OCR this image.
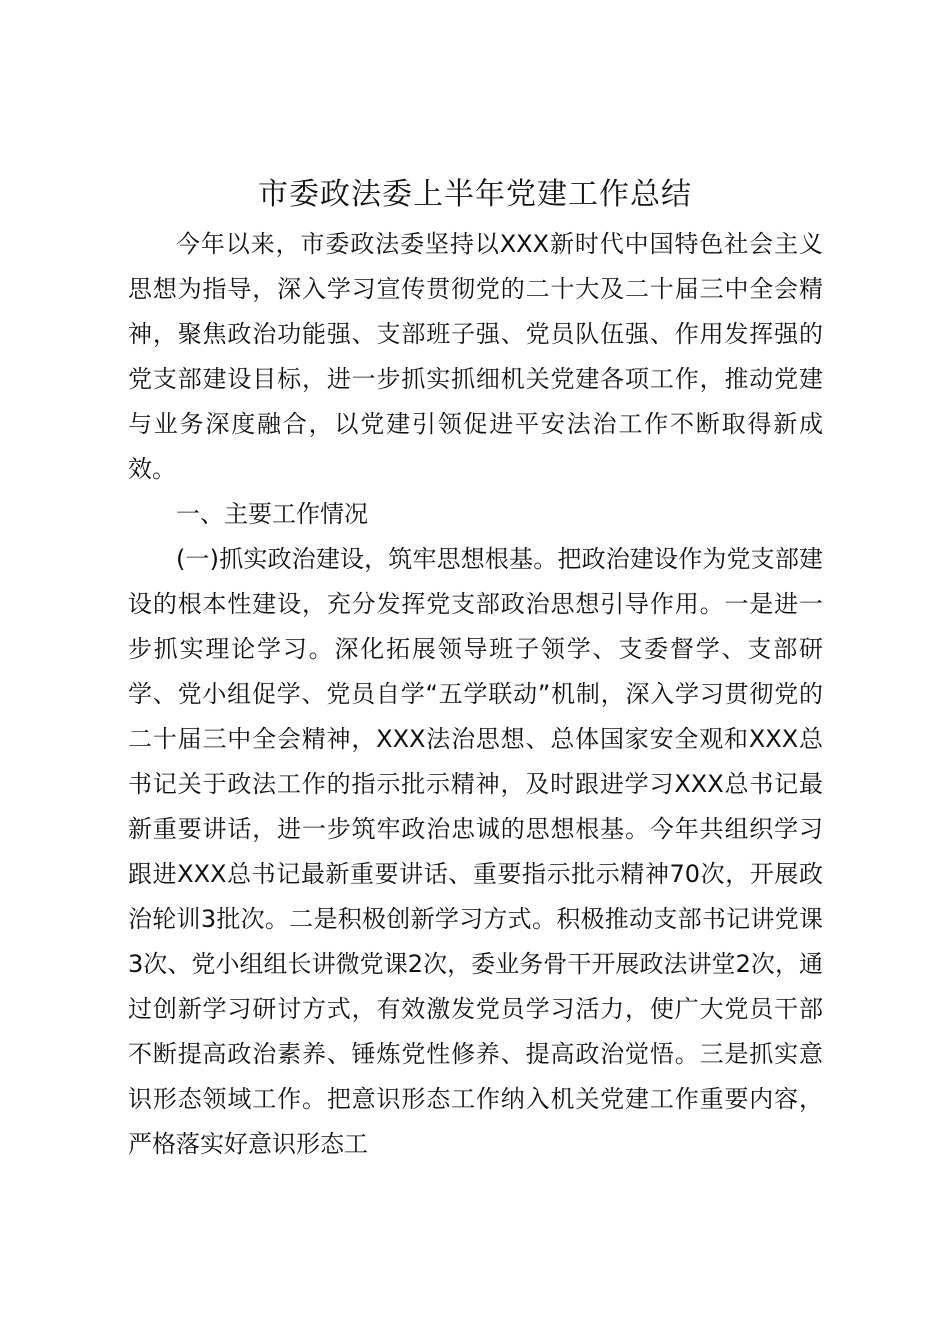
市委政法委上半年党建工作总结

今年以来，市委政法委坚持以XXX新时代中国特色社会主义思想为指导，深入学习宣传贯彻党的二十大及二十届三中全会精神，聚焦政治功能强、支部班子强、党员队伍强、作用发挥强的党支部建设目标，进一步抓实抓细机关党建各项工作，推动党建与业务深度融合，以党建引领促进平安法治工作不断取得新成效。

一、主要工作情况

(一)抓实政治建设，筑牢思想根基。把政治建设作为党支部建设的根本性建设，充分发挥党支部政治思想引导作用。一是进一步抓实理论学习。深化拓展领导班子领学、支委督学、支部研学、党小组促学、党员自学“五学联动”机制，深入学习贯彻党的二十届三中全会精神，XXX法治思想、总体国家安全观和XXX总书记关于政法工作的指示批示精神，及时跟进学习XXX总书记最新重要讲话，进一步筑牢政治忠诚的思想根基。今年共组织学习跟进XXX总书记最新重要讲话、重要指示批示精神70次，开展政治轮训3批次。二是积极创新学习方式。积极推动支部书记讲党课3次、党小组组长讲微党课2次，委业务骨干开展政法讲堂2次，通过创新学习研讨方式，有效激发党员学习活力，使广大党员干部不断提高政治素养、锤炼党性修养、提高政治觉悟。三是抓实意识形态领域工作。把意识形态工作纳入机关党建工作重要内容，严格落实好意识形态工
